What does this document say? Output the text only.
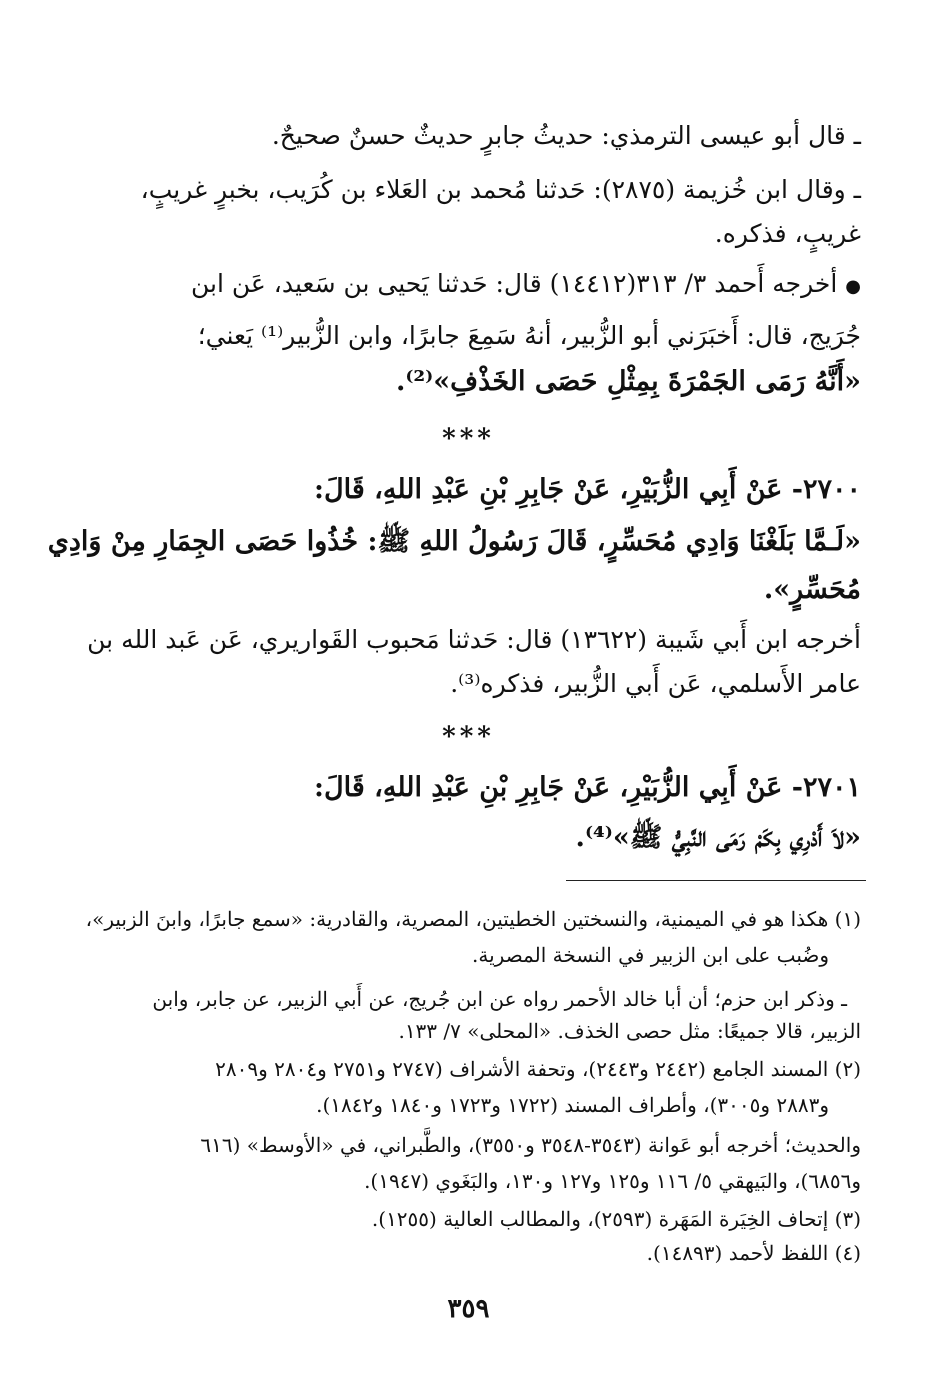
ـ قال أبو عيسى الترمذي: حديثُ جابرٍ حديثٌ حسنٌ صحيحٌ.
ـ وقال ابن خُزيمة (٢٨٧٥): حَدثنا مُحمد بن العَلاء بن كُرَيب، بخبرٍ غريبٍ،
غريبٍ، فذكره.
●أخرجه أَحمد ٣/ ٣١٣(١٤٤١٢) قال: حَدثنا يَحيى بن سَعيد، عَن ابن
جُرَيج، قال: أَخبَرَني أبو الزُّبير، أنهُ سَمِعَ جابرًا، وابن الزُّبير⁽¹⁾ يَعني؛
«أَنَّهُ رَمَى الجَمْرَةَ بِمِثْلِ حَصَى الخَذْفِ»⁽²⁾.
***
٢٧٠٠- عَنْ أَبِي الزُّبَيْرِ، عَنْ جَابِرِ بْنِ عَبْدِ اللهِ، قَالَ:
«لَـمَّا بَلَغْنَا وَادِي مُحَسِّرٍ، قَالَ رَسُولُ اللهِ ﷺ: خُذُوا حَصَى الجِمَارِ مِنْ وَادِي
مُحَسِّرٍ».
أخرجه ابن أَبي شَيبة (١٣٦٢٢) قال: حَدثنا مَحبوب القَواريري، عَن عَبد الله بن
عامر الأَسلمي، عَن أَبي الزُّبير، فذكره⁽³⁾.
***
٢٧٠١- عَنْ أَبِي الزُّبَيْرِ، عَنْ جَابِرِ بْنِ عَبْدِ اللهِ، قَالَ:
«لاَ أَدْرِي بِكَمْ رَمَى النَّبِيُّ ﷺ»⁽⁴⁾.
(١) هكذا هو في الميمنية، والنسختين الخطيتين، المصرية، والقادرية: «سمع جابرًا، وابنَ الزبير»،
وضُبب على ابن الزبير في النسخة المصرية.
ـ وذكر ابن حزم؛ أن أبا خالد الأحمر رواه عن ابن جُريج، عن أَبي الزبير، عن جابر، وابن
الزبير، قالا جميعًا: مثل حصى الخذف. «المحلى» ٧/ ١٣٣.
(٢) المسند الجامع (٢٤٤٢ و٢٤٤٣)، وتحفة الأشراف (٢٧٤٧ و٢٧٥١ و٢٨٠٤ و٢٨٠٩
و٢٨٨٣ و٣٠٠٥)، وأطراف المسند (١٧٢٢ و١٧٢٣ و١٨٤٠ و١٨٤٢).
والحديث؛ أخرجه أبو عَوانة (٣٥٤٣-٣٥٤٨ و٣٥٥٠)، والطَّبراني، في «الأوسط» (٦١٦
و٦٨٥٦)، والبَيهقي ٥/ ١١٦ و١٢٥ و١٢٧ و١٣٠، والبَغَوي (١٩٤٧).
(٣) إتحاف الخِيَرة المَهَرة (٢٥٩٣)، والمطالب العالية (١٢٥٥).
(٤) اللفظ لأحمد (١٤٨٩٣).
٣٥٩
